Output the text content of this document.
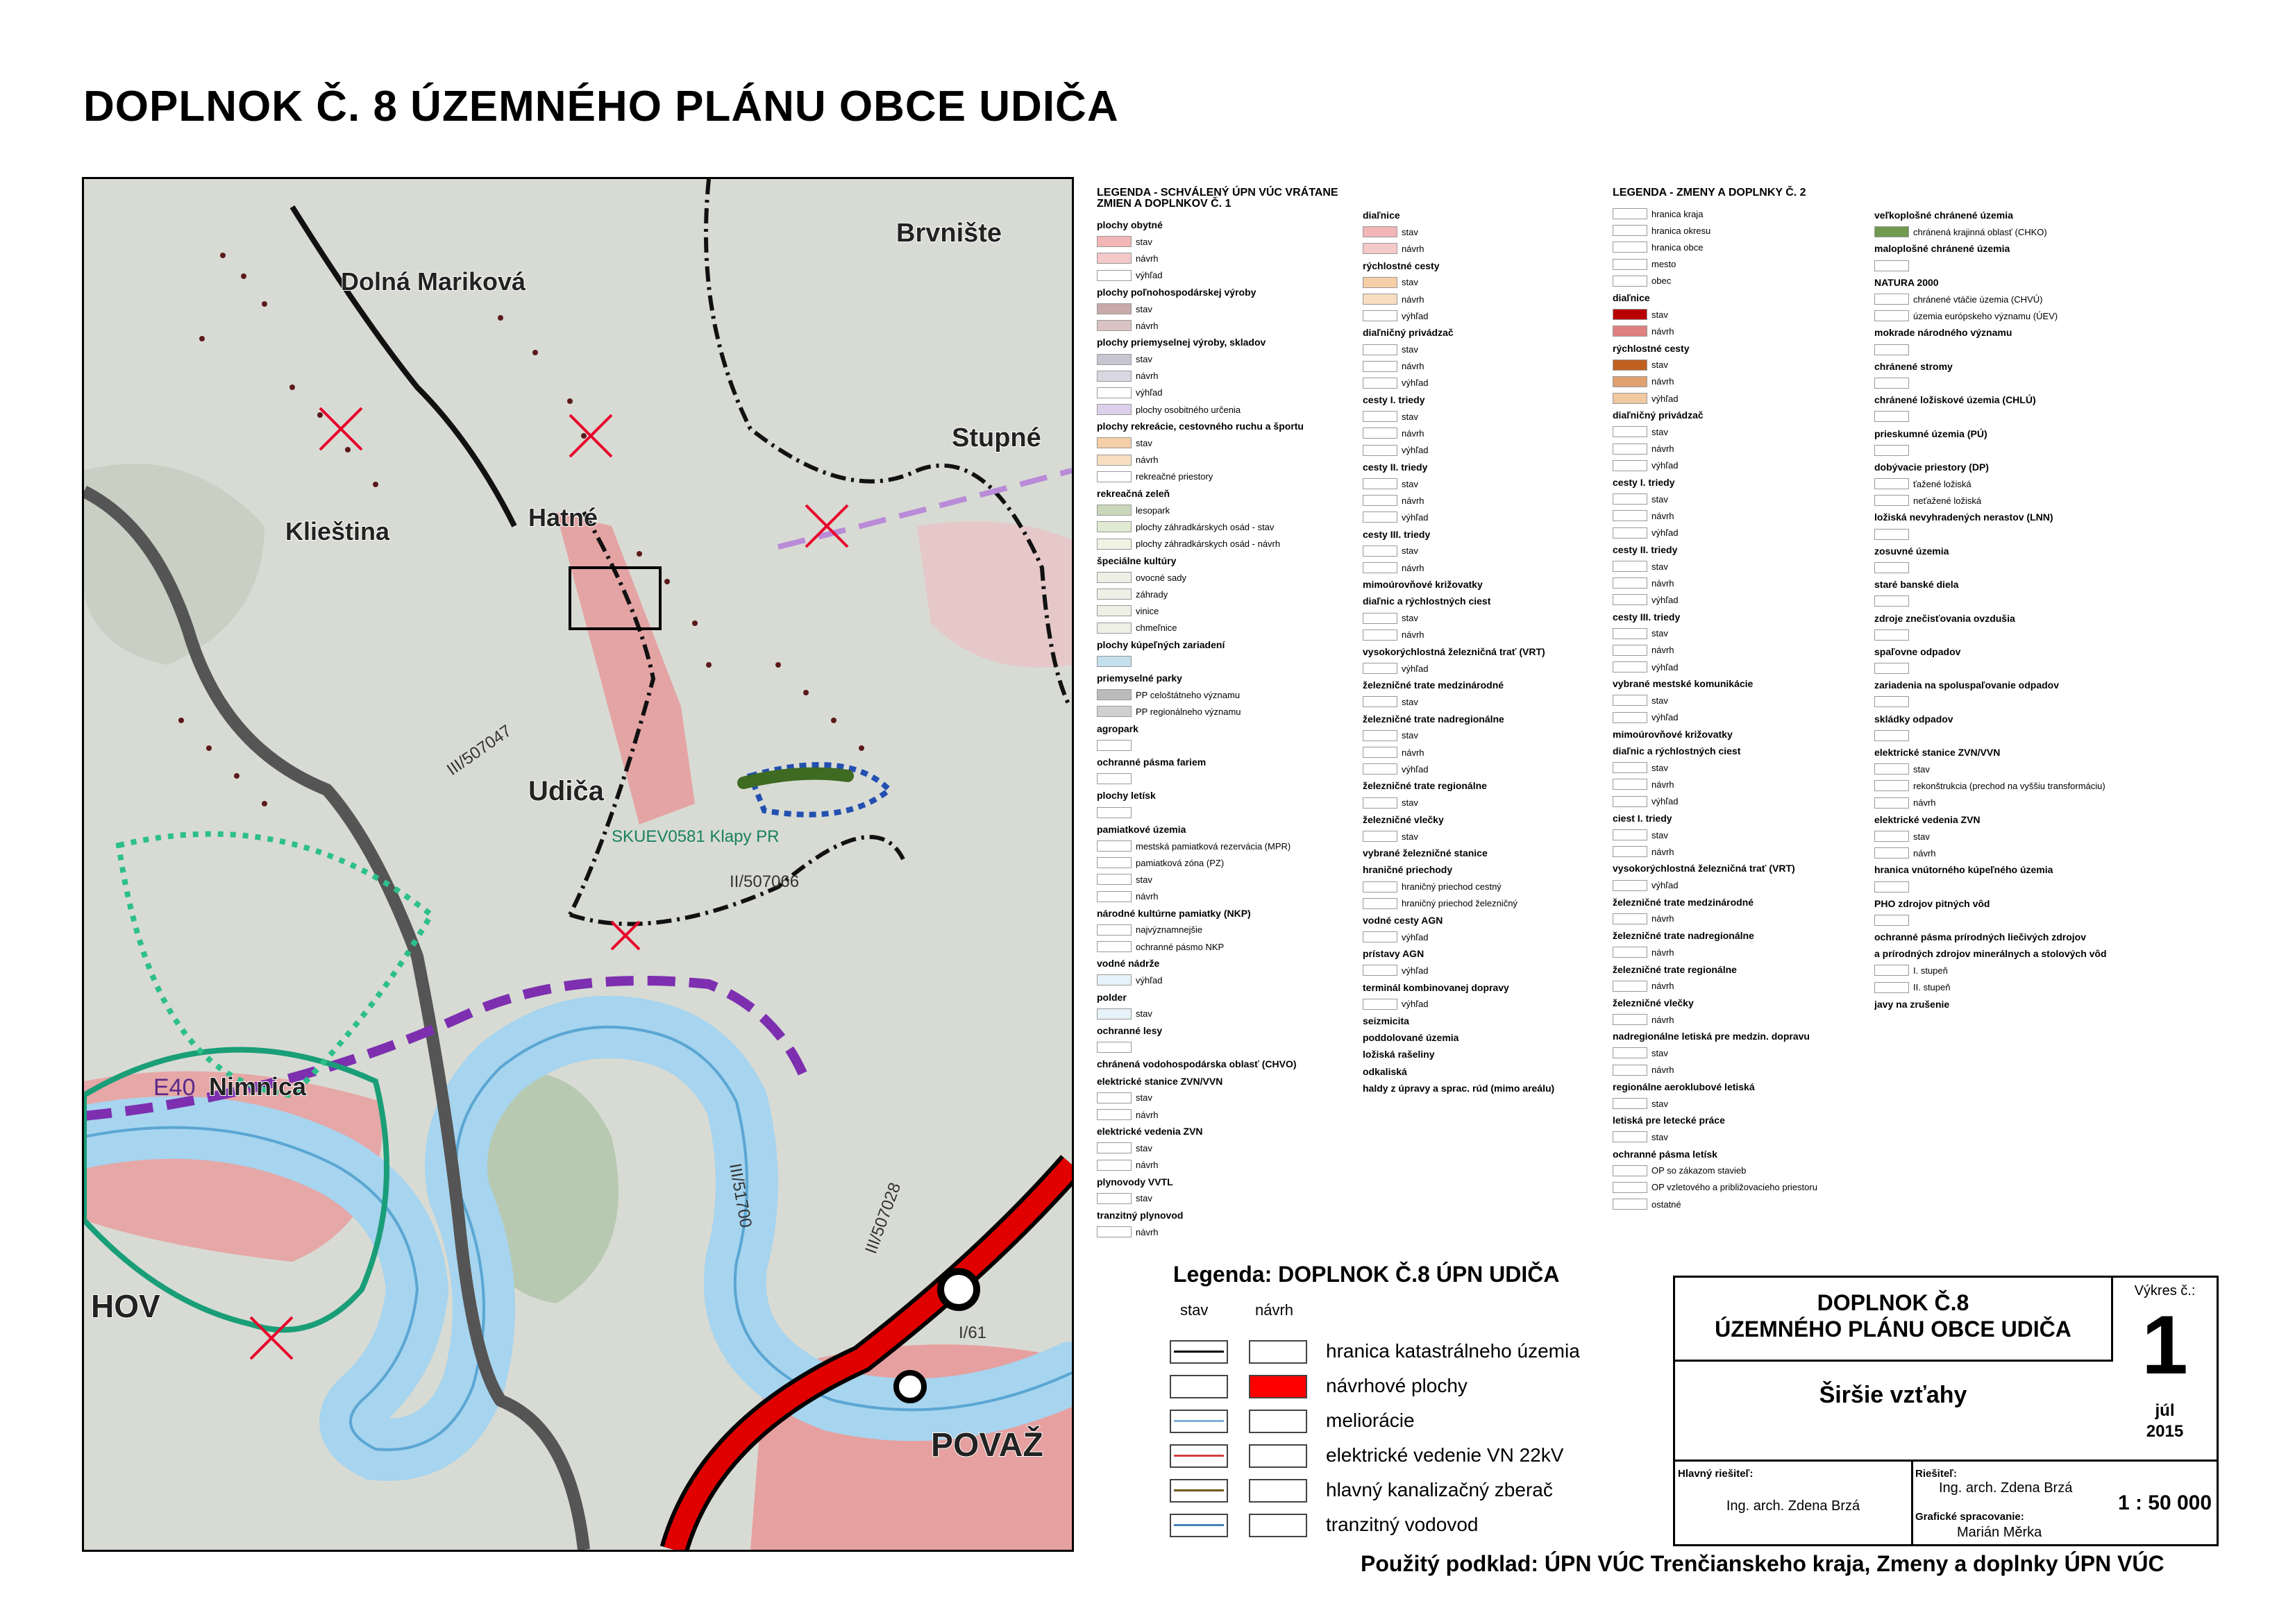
DOPLNOK Č. 8 ÚZEMNÉHO PLÁNU OBCE UDIČA
Brvnište
Dolná Mariková
Stupné
Klieština	Hatné
Udiča
Nimnica
HOV
POVAŽ
SKUEV0581 Klapy PR
II/507066
III/507047
III/51700	III/507028
I/61
E40
LEGENDA - SCHVÁLENÝ ÚPN VÚC VRÁTANE ZMIEN A DOPLNKOV Č. 1
plochy obytné
stav
návrh
výhľad
plochy poľnohospodárskej výroby
stav
návrh
plochy priemyselnej výroby, skladov
stav
návrh
výhľad
plochy osobitného určenia
plochy rekreácie, cestovného ruchu a športu
stav
návrh
rekreačné priestory
rekreačná zeleň
lesopark
plochy záhradkárskych osád - stav
plochy záhradkárskych osád - návrh
špeciálne kultúry
ovocné sady
záhrady
vinice
chmeľnice
plochy kúpeľných zariadení
priemyselné parky
PP celoštátneho významu
PP regionálneho významu
agropark
ochranné pásma fariem
plochy letísk
pamiatkové územia
mestská pamiatková rezervácia (MPR)
pamiatková zóna (PZ)
stav
návrh
národné kultúrne pamiatky (NKP)
najvýznamnejšie
ochranné pásmo NKP
vodné nádrže
výhľad
polder
stav
ochranné lesy
chránená vodohospodárska oblasť (CHVO)
elektrické stanice ZVN/VVN
stav
návrh
elektrické vedenia ZVN
stav
návrh
plynovody VVTL
stav
tranzitný plynovod
návrh
diaľnice
stav
návrh
rýchlostné cesty
stav
návrh
výhľad
diaľničný privádzač
stav
návrh
výhľad
cesty I. triedy
stav
návrh
výhľad
cesty II. triedy
stav
návrh
výhľad
cesty III. triedy
stav
návrh
mimoúrovňové križovatky
diaľnic a rýchlostných ciest
stav
návrh
vysokorýchlostná železničná trať (VRT)
výhľad
železničné trate medzinárodné
stav
železničné trate nadregionálne
stav
návrh
výhľad
železničné trate regionálne
stav
železničné vlečky
stav
vybrané železničné stanice
hraničné priechody
hraničný priechod cestný
hraničný priechod železničný
vodné cesty AGN
výhľad
prístavy AGN
výhľad
terminál kombinovanej dopravy
výhľad
seizmicita
poddolované územia
ložiská rašeliny
odkaliská
haldy z úpravy a sprac. rúd (mimo areálu)
LEGENDA - ZMENY A DOPLNKY Č. 2
hranica kraja
hranica okresu
hranica obce
mesto
obec
diaľnice
stav
návrh
rýchlostné cesty
stav
návrh
výhľad
diaľničný privádzač
stav
návrh
výhľad
cesty I. triedy
stav
návrh
výhľad
cesty II. triedy
stav
návrh
výhľad
cesty III. triedy
stav
návrh
výhľad
vybrané mestské komunikácie
stav
výhľad
mimoúrovňové križovatky
diaľnic a rýchlostných ciest
stav
návrh
výhľad
ciest I. triedy
stav
návrh
vysokorýchlostná železničná trať (VRT)
výhľad
železničné trate medzinárodné
návrh
železničné trate nadregionálne
návrh
železničné trate regionálne
návrh
železničné vlečky
návrh
nadregionálne letiská pre medzin. dopravu
stav
návrh
regionálne aeroklubové letiská
stav
letiská pre letecké práce
stav
ochranné pásma letísk
OP so zákazom stavieb
OP vzletového a približovacieho priestoru
ostatné
veľkoplošné chránené územia
chránená krajinná oblasť (CHKO)
maloplošné chránené územia
NATURA 2000
chránené vtáčie územia (CHVÚ)
územia európskeho významu (ÚEV)
mokrade národného významu
chránené stromy
chránené ložiskové územia (CHLÚ)
prieskumné územia (PÚ)
dobývacie priestory (DP)
ťažené ložiská
neťažené ložiská
ložiská nevyhradených nerastov (LNN)
zosuvné územia
staré banské diela
zdroje znečisťovania ovzdušia
spaľovne odpadov
zariadenia na spoluspaľovanie odpadov
skládky odpadov
elektrické stanice ZVN/VVN
stav
rekonštrukcia (prechod na vyššiu transformáciu)
návrh
elektrické vedenia ZVN
stav
návrh
hranica vnútorného kúpeľného územia
PHO zdrojov pitných vôd
ochranné pásma prírodných liečivých zdrojov
a prírodných zdrojov minerálnych a stolových vôd
I. stupeň
II. stupeň
javy na zrušenie
Legenda: DOPLNOK Č.8 ÚPN UDIČA
stav	návrh
hranica katastrálneho územia
návrhové plochy
meliorácie
elektrické vedenie VN 22kV
hlavný kanalizačný zberač
tranzitný vodovod
DOPLNOK Č.8
ÚZEMNÉHO PLÁNU OBCE UDIČA
Širšie vzťahy
Hlavný riešiteľ:
Ing. arch. Zdena Brzá
Riešiteľ:
Ing. arch. Zdena Brzá
Grafické spracovanie:
Marián Měrka
Výkres č.:
1
júl
2015
1 : 50 000
Použitý podklad: ÚPN VÚC Trenčianskeho kraja, Zmeny a doplnky ÚPN VÚC
